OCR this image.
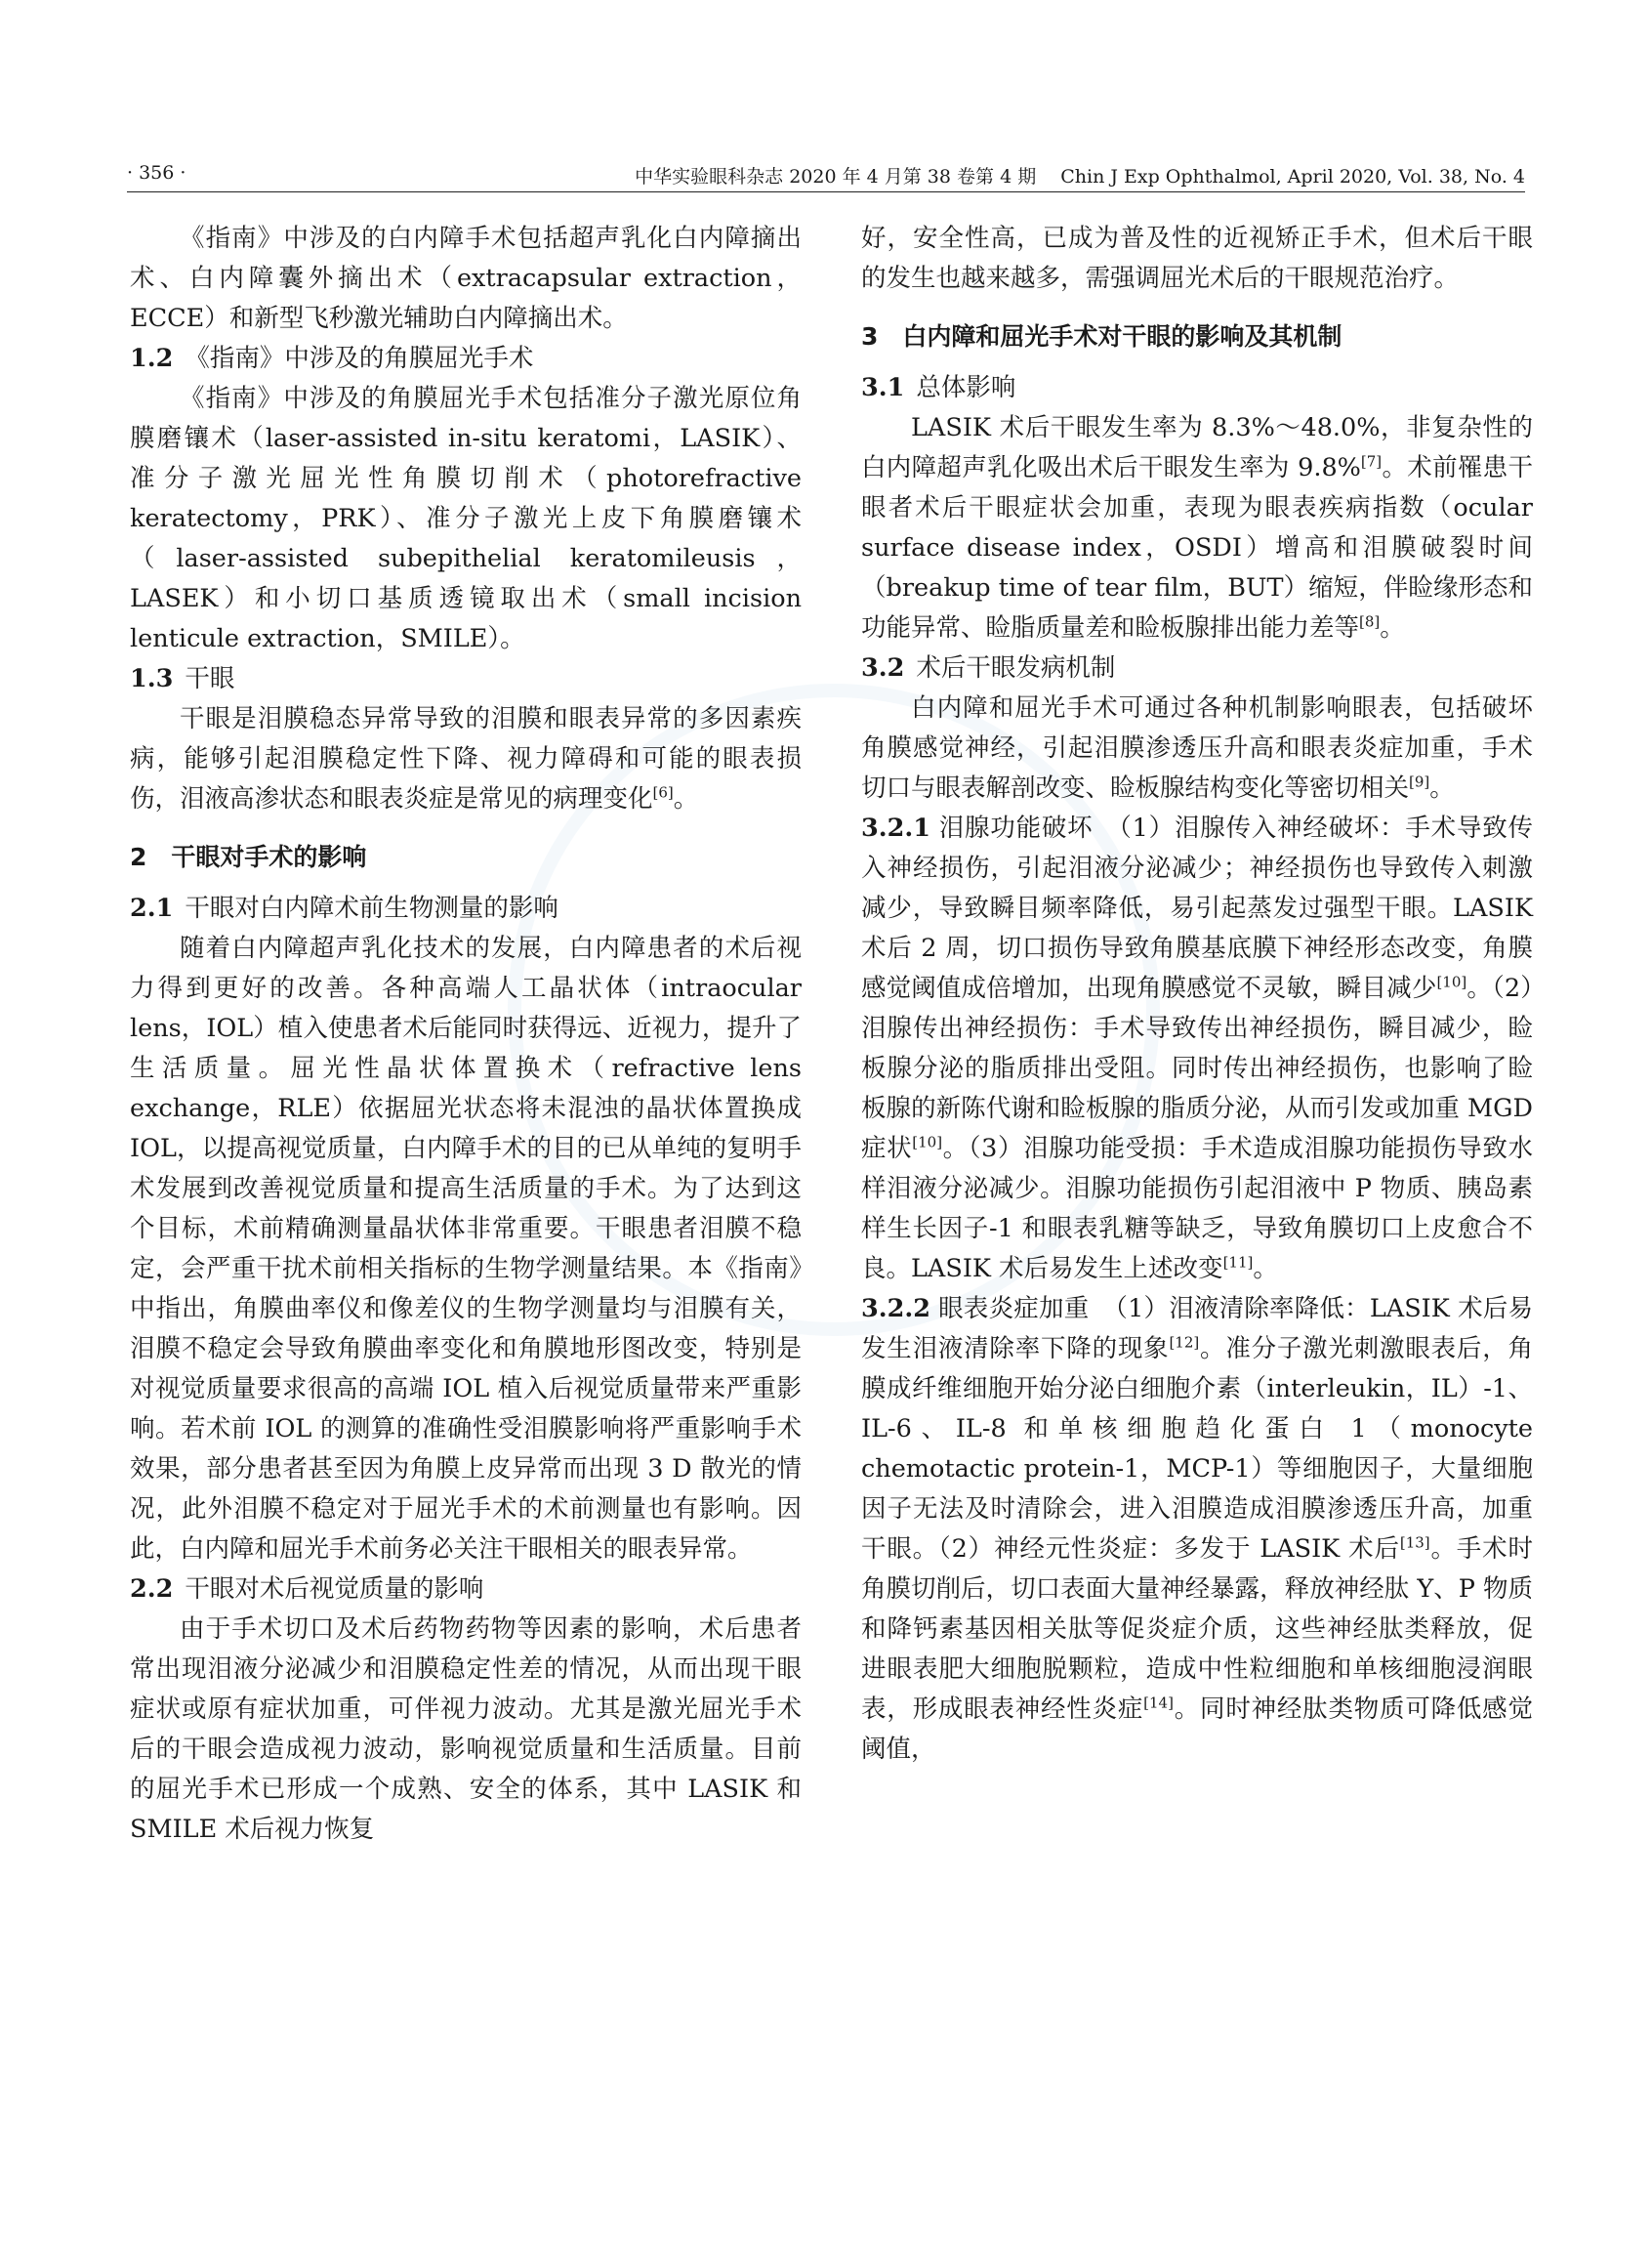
· 356 ·	中华实验眼科杂志 2020 年 4 月第 38 卷第 4 期 　Chin J Exp Ophthalmol, April 2020, Vol. 38, No. 4

《指南》中涉及的白内障手术包括超声乳化白内障摘出术、白内障囊外摘出术（extracapsular extraction，ECCE）和新型飞秒激光辅助白内障摘出术。

1.2 《指南》中涉及的角膜屈光手术

《指南》中涉及的角膜屈光手术包括准分子激光原位角膜磨镶术（laser-assisted in-situ keratomi，LASIK）、准分子激光屈光性角膜切削术（photorefractive keratectomy，PRK）、准分子激光上皮下角膜磨镶术（laser-assisted subepithelial keratomileusis，LASEK）和小切口基质透镜取出术（small incision lenticule extraction，SMILE）。

1.3 干眼

干眼是泪膜稳态异常导致的泪膜和眼表异常的多因素疾病，能够引起泪膜稳定性下降、视力障碍和可能的眼表损伤，泪液高渗状态和眼表炎症是常见的病理变化[6]。

2　干眼对手术的影响

2.1 干眼对白内障术前生物测量的影响

随着白内障超声乳化技术的发展，白内障患者的术后视力得到更好的改善。各种高端人工晶状体（intraocular lens，IOL）植入使患者术后能同时获得远、近视力，提升了生活质量。屈光性晶状体置换术（refractive lens exchange，RLE）依据屈光状态将未混浊的晶状体置换成 IOL，以提高视觉质量，白内障手术的目的已从单纯的复明手术发展到改善视觉质量和提高生活质量的手术。为了达到这个目标，术前精确测量晶状体非常重要。干眼患者泪膜不稳定，会严重干扰术前相关指标的生物学测量结果。本《指南》中指出，角膜曲率仪和像差仪的生物学测量均与泪膜有关，泪膜不稳定会导致角膜曲率变化和角膜地形图改变，特别是对视觉质量要求很高的高端 IOL 植入后视觉质量带来严重影响。若术前 IOL 的测算的准确性受泪膜影响将严重影响手术效果，部分患者甚至因为角膜上皮异常而出现 3 D 散光的情况，此外泪膜不稳定对于屈光手术的术前测量也有影响。因此，白内障和屈光手术前务必关注干眼相关的眼表异常。

2.2 干眼对术后视觉质量的影响

由于手术切口及术后药物药物等因素的影响，术后患者常出现泪液分泌减少和泪膜稳定性差的情况，从而出现干眼症状或原有症状加重，可伴视力波动。尤其是激光屈光手术后的干眼会造成视力波动，影响视觉质量和生活质量。目前的屈光手术已形成一个成熟、安全的体系，其中 LASIK 和 SMILE 术后视力恢复

好，安全性高，已成为普及性的近视矫正手术，但术后干眼的发生也越来越多，需强调屈光术后的干眼规范治疗。

3　白内障和屈光手术对干眼的影响及其机制

3.1 总体影响

LASIK 术后干眼发生率为 8.3%～48.0%，非复杂性的白内障超声乳化吸出术后干眼发生率为 9.8%[7]。术前罹患干眼者术后干眼症状会加重，表现为眼表疾病指数（ocular surface disease index，OSDI）增高和泪膜破裂时间（breakup time of tear film，BUT）缩短，伴睑缘形态和功能异常、睑脂质量差和睑板腺排出能力差等[8]。

3.2 术后干眼发病机制

白内障和屈光手术可通过各种机制影响眼表，包括破坏角膜感觉神经，引起泪膜渗透压升高和眼表炎症加重，手术切口与眼表解剖改变、睑板腺结构变化等密切相关[9]。

3.2.1 泪腺功能破坏 （1）泪腺传入神经破坏：手术导致传入神经损伤，引起泪液分泌减少；神经损伤也导致传入刺激减少，导致瞬目频率降低，易引起蒸发过强型干眼。LASIK 术后 2 周，切口损伤导致角膜基底膜下神经形态改变，角膜感觉阈值成倍增加，出现角膜感觉不灵敏，瞬目减少[10]。（2）泪腺传出神经损伤：手术导致传出神经损伤，瞬目减少，睑板腺分泌的脂质排出受阻。同时传出神经损伤，也影响了睑板腺的新陈代谢和睑板腺的脂质分泌，从而引发或加重 MGD 症状[10]。（3）泪腺功能受损：手术造成泪腺功能损伤导致水样泪液分泌减少。泪腺功能损伤引起泪液中 P 物质、胰岛素样生长因子-1 和眼表乳糖等缺乏，导致角膜切口上皮愈合不良。LASIK 术后易发生上述改变[11]。

3.2.2 眼表炎症加重 （1）泪液清除率降低：LASIK 术后易发生泪液清除率下降的现象[12]。准分子激光刺激眼表后，角膜成纤维细胞开始分泌白细胞介素（interleukin，IL）-1、IL-6、IL-8 和单核细胞趋化蛋白 1（monocyte chemotactic protein-1，MCP-1）等细胞因子，大量细胞因子无法及时清除会，进入泪膜造成泪膜渗透压升高，加重干眼。（2）神经元性炎症：多发于 LASIK 术后[13]。手术时角膜切削后，切口表面大量神经暴露，释放神经肽 Y、P 物质和降钙素基因相关肽等促炎症介质，这些神经肽类释放，促进眼表肥大细胞脱颗粒，造成中性粒细胞和单核细胞浸润眼表，形成眼表神经性炎症[14]。同时神经肽类物质可降低感觉阈值，
